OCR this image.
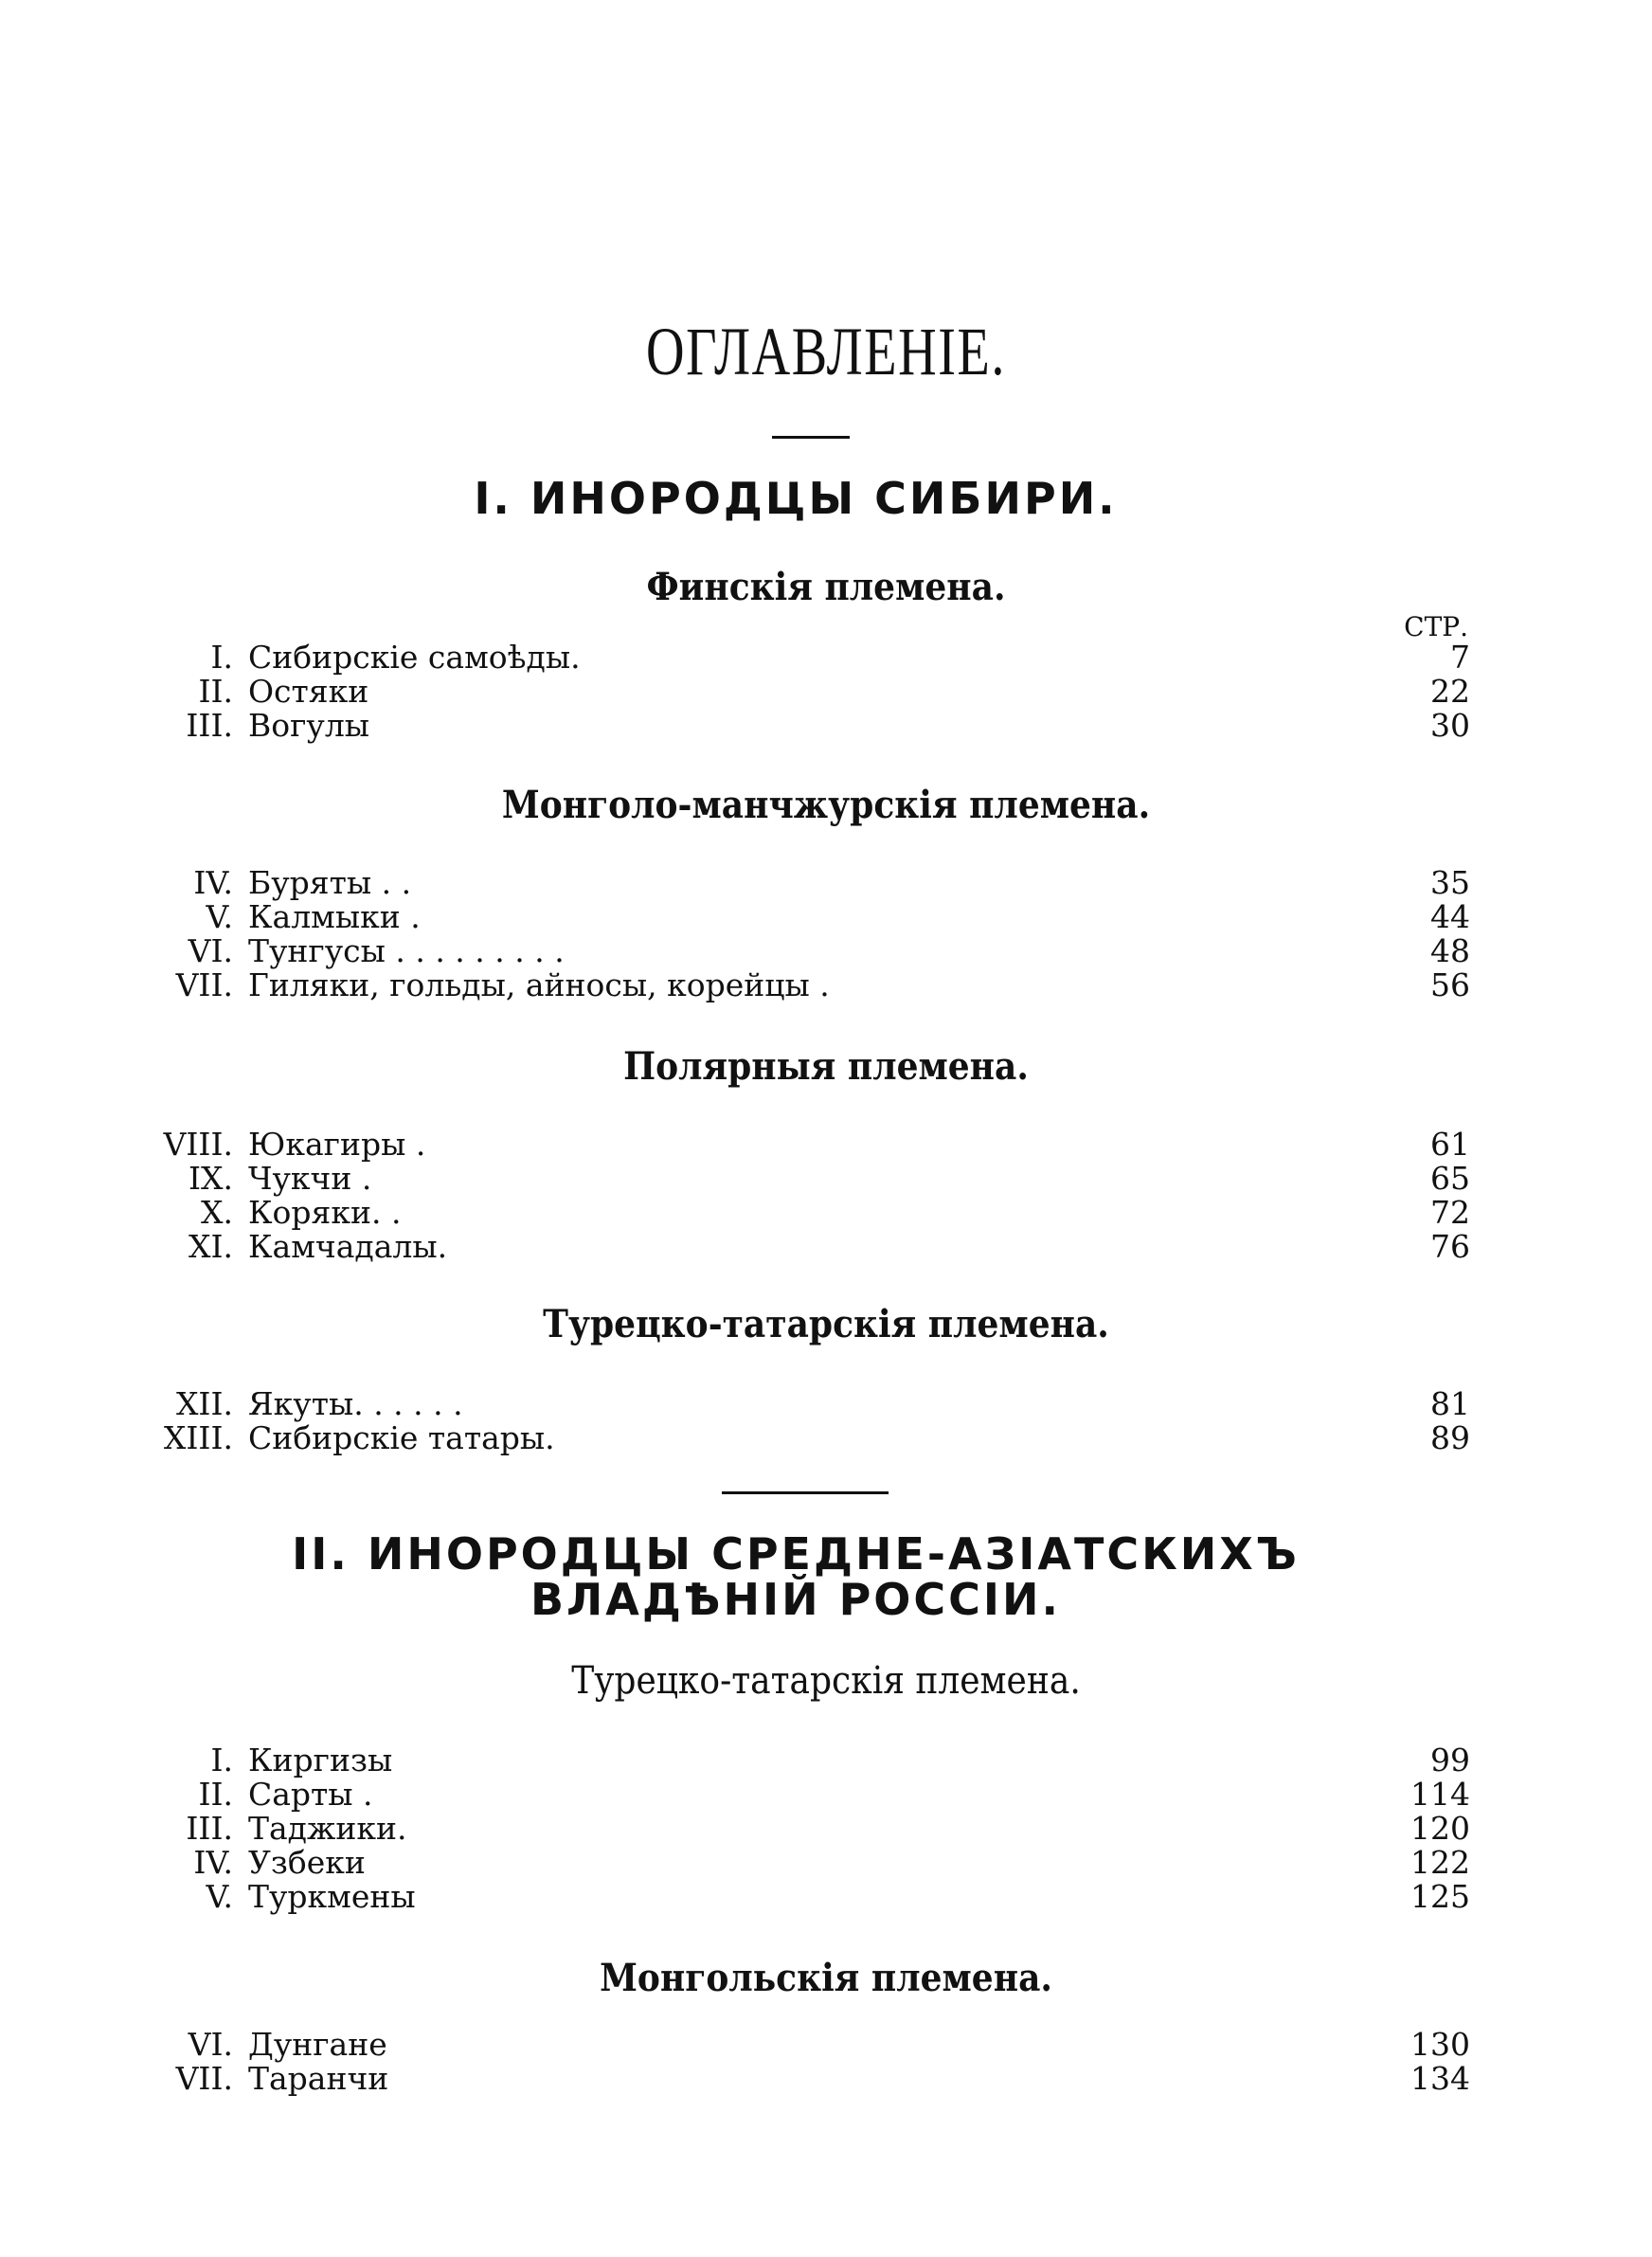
ОГЛАВЛЕНIЕ.
I. ИНОРОДЦЫ СИБИРИ.
Финскія племена.
СТР.
I. Сибирскіе самоѣды.	7
II. Остяки	22
III. Вогулы	30
Монголо-манчжурскія племена.
IV. Буряты . .	35
V. Калмыки .	44
VI. Тунгусы . . . . . . . . .	48
VII. Гиляки, гольды, айносы, корейцы .	56
Полярныя племена.
VIII. Юкагиры .	61
IX. Чукчи .	65
X. Коряки. .	72
XI. Камчадалы.	76
Турецко-татарскія племена.
XII. Якуты. . . . . .	81
XIII. Сибирскіе татары.	89
II. ИНОРОДЦЫ СРЕДНЕ-АЗIАТСКИХЪ ВЛАДѢНIЙ РОССIИ.
Турецко-татарскія племена.
I. Киргизы	99
II. Сарты .	114
III. Таджики.	120
IV. Узбеки	122
V. Туркмены	125
Монгольскія племена.
VI. Дунгане	130
VII. Таранчи	134
